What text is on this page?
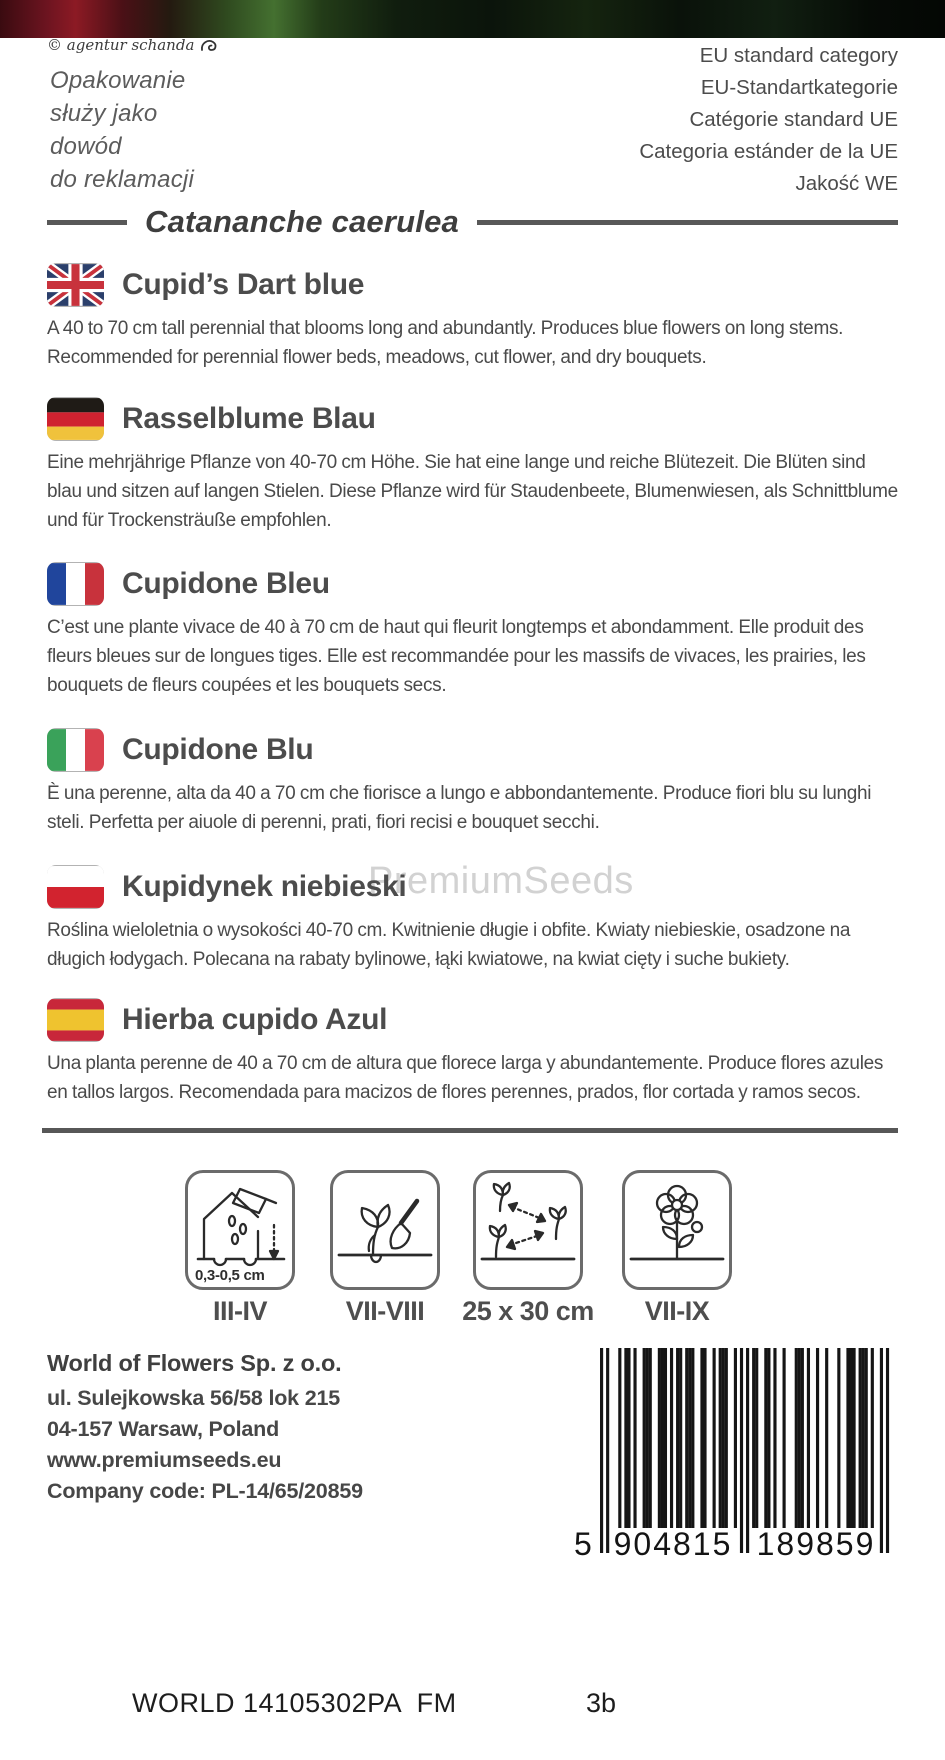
© agentur schanda
Opakowanie
służy jako
dowód
do reklamacji
EU standard category
EU-Standartkategorie
Catégorie standard UE
Categoria estánder de la UE
Jakość WE
Catananche caerulea
PremiumSeeds
Cupid’s Dart blue
A 40 to 70 cm tall perennial that blooms long and abundantly. Produces blue flowers on long stems. Recommended for perennial flower beds, meadows, cut flower, and dry bouquets.
Rasselblume Blau
Eine mehrjährige Pflanze von 40-70 cm Höhe. Sie hat eine lange und reiche Blütezeit. Die Blüten sind blau und sitzen auf langen Stielen. Diese Pflanze wird für Staudenbeete, Blumenwiesen, als Schnittblume und für Trockensträuße empfohlen.
Cupidone Bleu
C’est une plante vivace de 40 à 70 cm de haut qui fleurit longtemps et abondamment. Elle produit des fleurs bleues sur de longues tiges. Elle est recommandée pour les massifs de vivaces, les prairies, les bouquets de fleurs coupées et les bouquets secs.
Cupidone Blu
È una perenne, alta da 40 a 70 cm che fiorisce a lungo e abbondantemente. Produce fiori blu su lunghi steli. Perfetta per aiuole di perenni, prati, fiori recisi e bouquet secchi.
Kupidynek niebieski
Roślina wieloletnia o wysokości 40-70 cm. Kwitnienie długie i obfite. Kwiaty niebieskie, osadzone na długich łodygach. Polecana na rabaty bylinowe, łąki kwiatowe, na kwiat cięty i suche bukiety.
Hierba cupido Azul
Una planta perenne de 40 a 70 cm de altura que florece larga y abundantemente. Produce flores azules en tallos largos. Recomendada para macizos de flores perennes, prados, flor cortada y ramos secos.
0,3-0,5 cm
III-IV	VII-VIII	25 x 30 cm	VII-IX
World of Flowers Sp. z o.o.
ul. Sulejkowska 56/58 lok 215
04-157 Warsaw, Poland
www.premiumseeds.eu
Company code: PL-14/65/20859
5 904815 189859
WORLD 14105302PA  FM	3b
